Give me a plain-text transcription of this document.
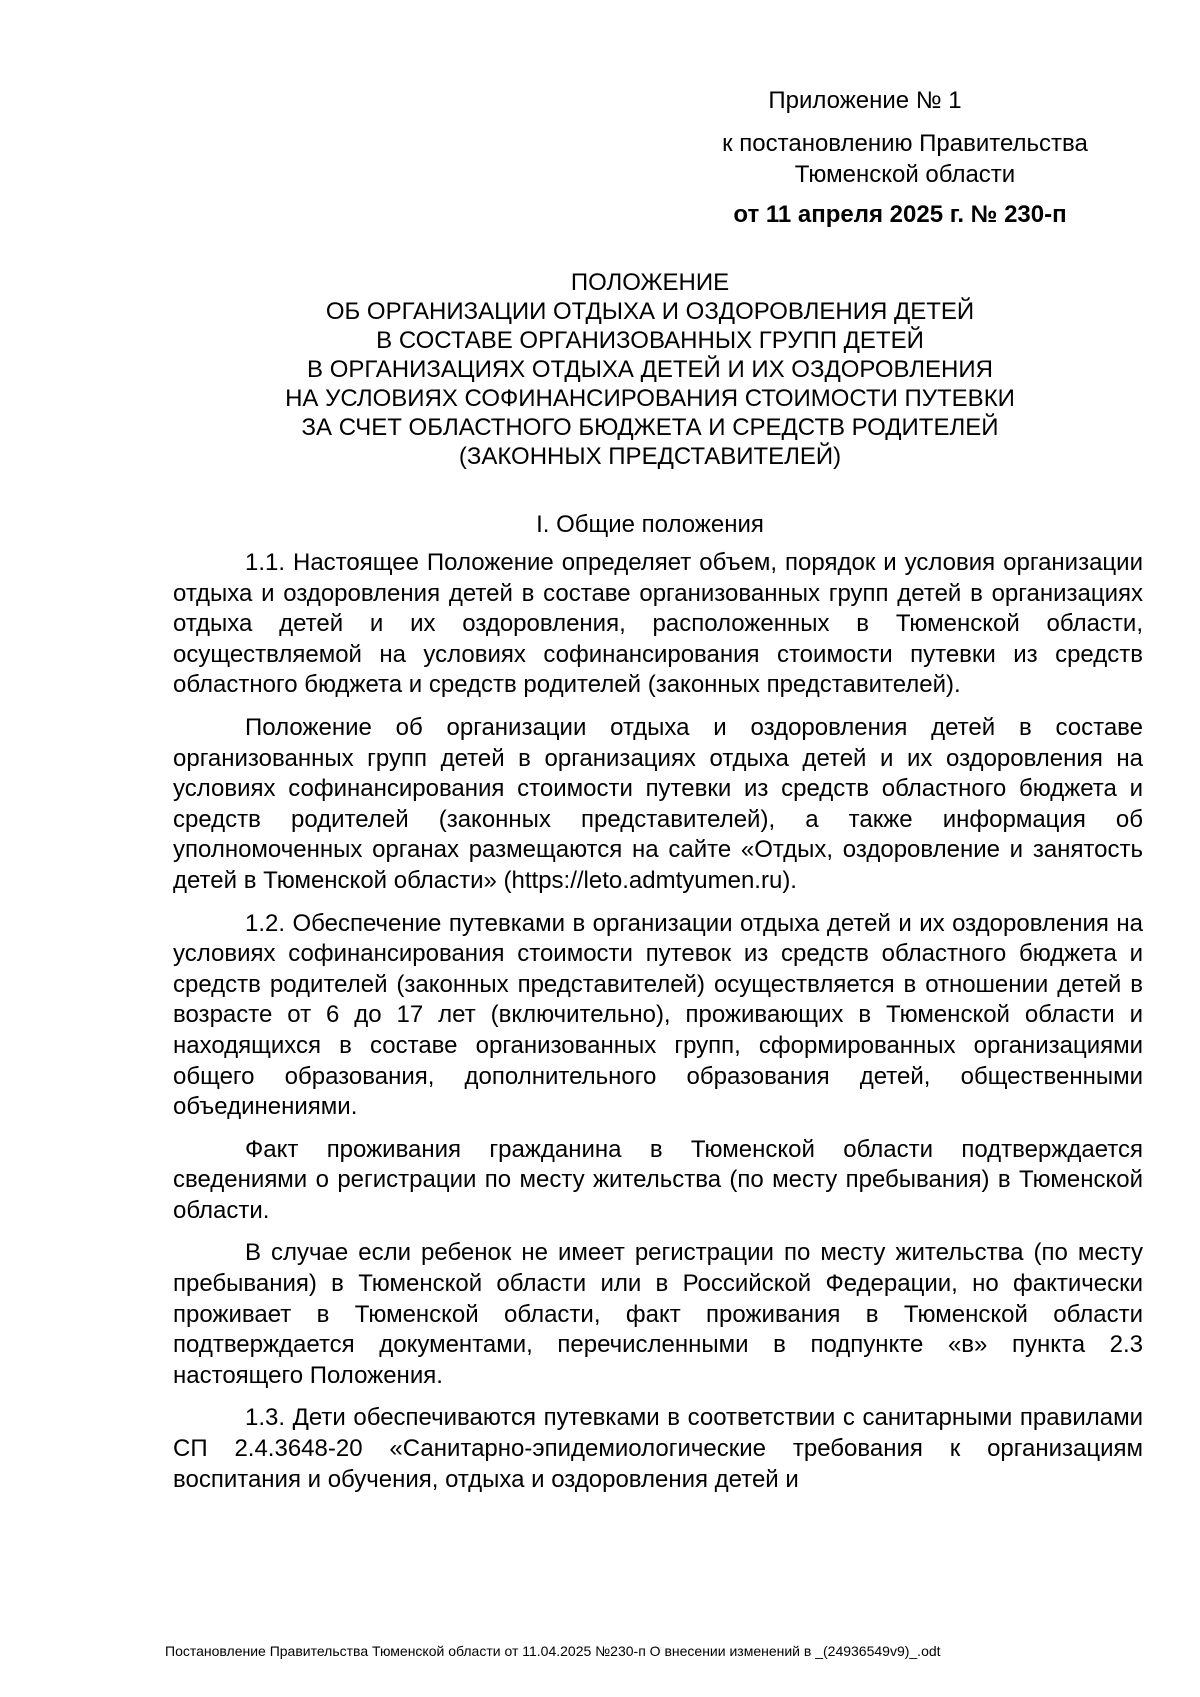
Приложение № 1
к постановлению Правительства Тюменской области
от 11 апреля 2025 г. № 230-п
ПОЛОЖЕНИЕ
ОБ ОРГАНИЗАЦИИ ОТДЫХА И ОЗДОРОВЛЕНИЯ ДЕТЕЙ
В СОСТАВЕ ОРГАНИЗОВАННЫХ ГРУПП ДЕТЕЙ
В ОРГАНИЗАЦИЯХ ОТДЫХА ДЕТЕЙ И ИХ ОЗДОРОВЛЕНИЯ
НА УСЛОВИЯХ СОФИНАНСИРОВАНИЯ СТОИМОСТИ ПУТЕВКИ
ЗА СЧЕТ ОБЛАСТНОГО БЮДЖЕТА И СРЕДСТВ РОДИТЕЛЕЙ
(ЗАКОННЫХ ПРЕДСТАВИТЕЛЕЙ)
I. Общие положения

1.1. Настоящее Положение определяет объем, порядок и условия организации отдыха и оздоровления детей в составе организованных групп детей в организациях отдыха детей и их оздоровления, расположенных в Тюменской области, осуществляемой на условиях софинансирования стоимости путевки из средств областного бюджета и средств родителей (законных представителей).

Положение об организации отдыха и оздоровления детей в составе организованных групп детей в организациях отдыха детей и их оздоровления на условиях софинансирования стоимости путевки из средств областного бюджета и средств родителей (законных представителей), а также информация об уполномоченных органах размещаются на сайте «Отдых, оздоровление и занятость детей в Тюменской области» (https://leto.admtyumen.ru).

1.2. Обеспечение путевками в организации отдыха детей и их оздоровления на условиях софинансирования стоимости путевок из средств областного бюджета и средств родителей (законных представителей) осуществляется в отношении детей в возрасте от 6 до 17 лет (включительно), проживающих в Тюменской области и находящихся в составе организованных групп, сформированных организациями общего образования, дополнительного образования детей, общественными объединениями.

Факт проживания гражданина в Тюменской области подтверждается сведениями о регистрации по месту жительства (по месту пребывания) в Тюменской области.

В случае если ребенок не имеет регистрации по месту жительства (по месту пребывания) в Тюменской области или в Российской Федерации, но фактически проживает в Тюменской области, факт проживания в Тюменской области подтверждается документами, перечисленными в подпункте «в» пункта 2.3 настоящего Положения.

1.3. Дети обеспечиваются путевками в соответствии с санитарными правилами СП 2.4.3648-20 «Санитарно-эпидемиологические требования к организациям воспитания и обучения, отдыха и оздоровления детей и

Постановление Правительства Тюменской области от 11.04.2025 №230-п О внесении изменений в _(24936549v9)_.odt
